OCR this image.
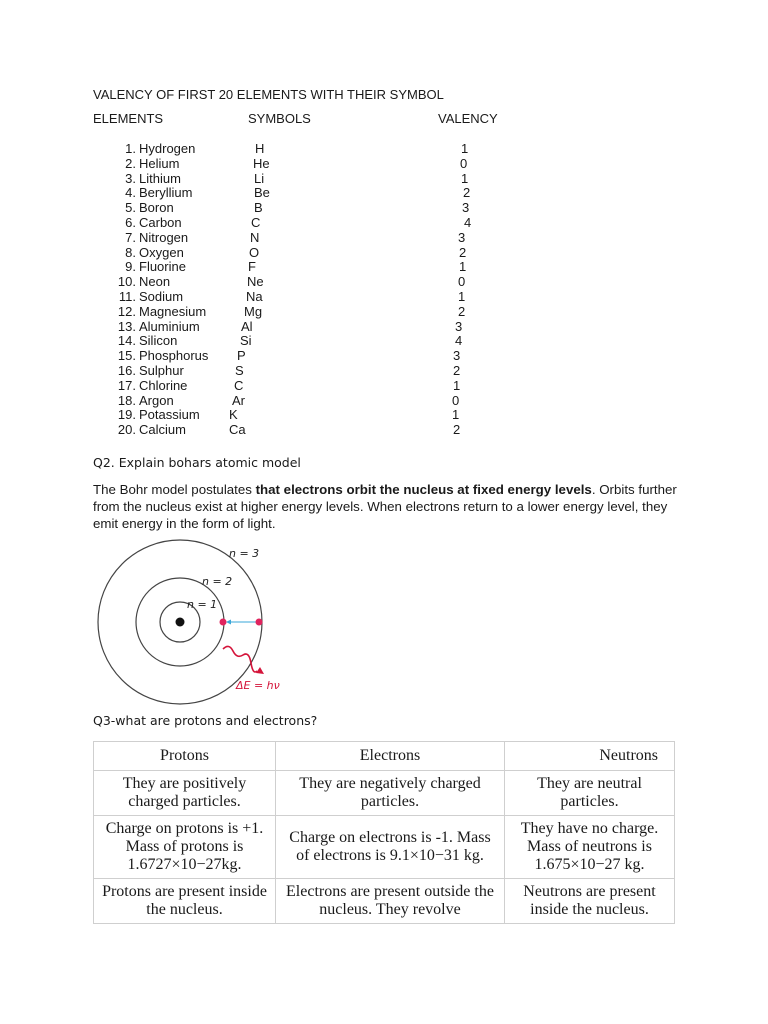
VALENCY OF FIRST 20 ELEMENTS WITH THEIR SYMBOL
ELEMENTS	SYMBOLS	VALENCY
1. Hydrogen	H	1
2. Helium	He	0
3. Lithium	Li	1
4. Beryllium	Be	2
5. Boron	B	3
6. Carbon	C	4
7. Nitrogen	N	3
8. Oxygen	O	2
9. Fluorine	F	1
10. Neon	Ne	0
11. Sodium	Na	1
12. Magnesium	Mg	2
13. Aluminium	Al	3
14. Silicon	Si	4
15. Phosphorus P	3
16. Sulphur	S	2
17. Chlorine	C	1
18. Argon	Ar	0
19. Potassium K	1
20. Calcium	Ca	2
Q2. Explain bohars atomic model
The Bohr model postulates that electrons orbit the nucleus at fixed energy levels. Orbits further from the nucleus exist at higher energy levels. When electrons return to a lower energy level, they emit energy in the form of light.
n = 3
n = 2
n = 1
ΔE = hν
Q3-what are protons and electrons?
Protons	Electrons	Neutrons
They are positively charged particles.	They are negatively charged particles.	They are neutral particles.
Charge on protons is +1. Mass of protons is 1.6727×10−27kg.	Charge on electrons is -1. Mass of electrons is 9.1×10−31 kg.	They have no charge. Mass of neutrons is 1.675×10−27 kg.
Protons are present inside the nucleus.	Electrons are present outside the nucleus. They revolve	Neutrons are present inside the nucleus.
